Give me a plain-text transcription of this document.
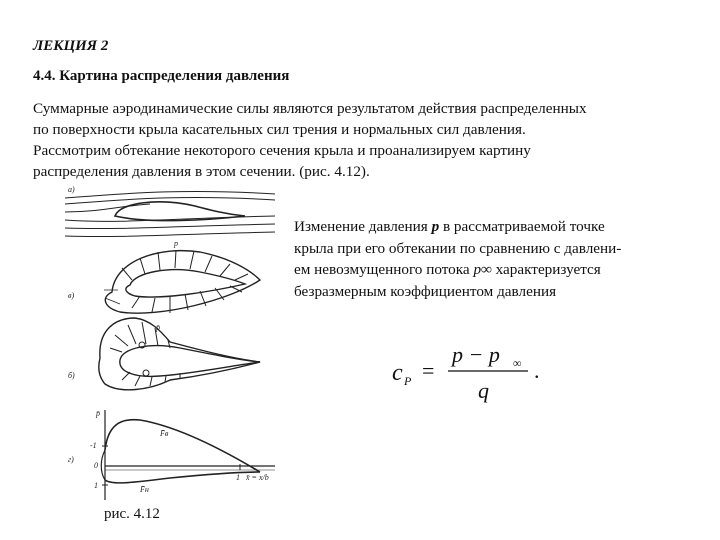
ЛЕКЦИЯ 2
4.4. Картина распределения давления
Суммарные аэродинамические силы являются результатом действия распределенных
по поверхности крыла касательных сил трения и нормальных сил давления.
Рассмотрим обтекание некоторого сечения крыла и проанализируем картину
распределения давления в этом сечении. (рис. 4.12).
а)
в)
б)
г)
p
p̄
p̄
-1
0
1
F̄в
F̄н
1 x̄ = x/b
Изменение давления p в рассматриваемой точке
крыла при его обтекании по сравнению с давлени-
ем невозмущенного потока p∞ характеризуется
безразмерным коэффициентом давления
c P =
p − p ∞
q
.
рис. 4.12
